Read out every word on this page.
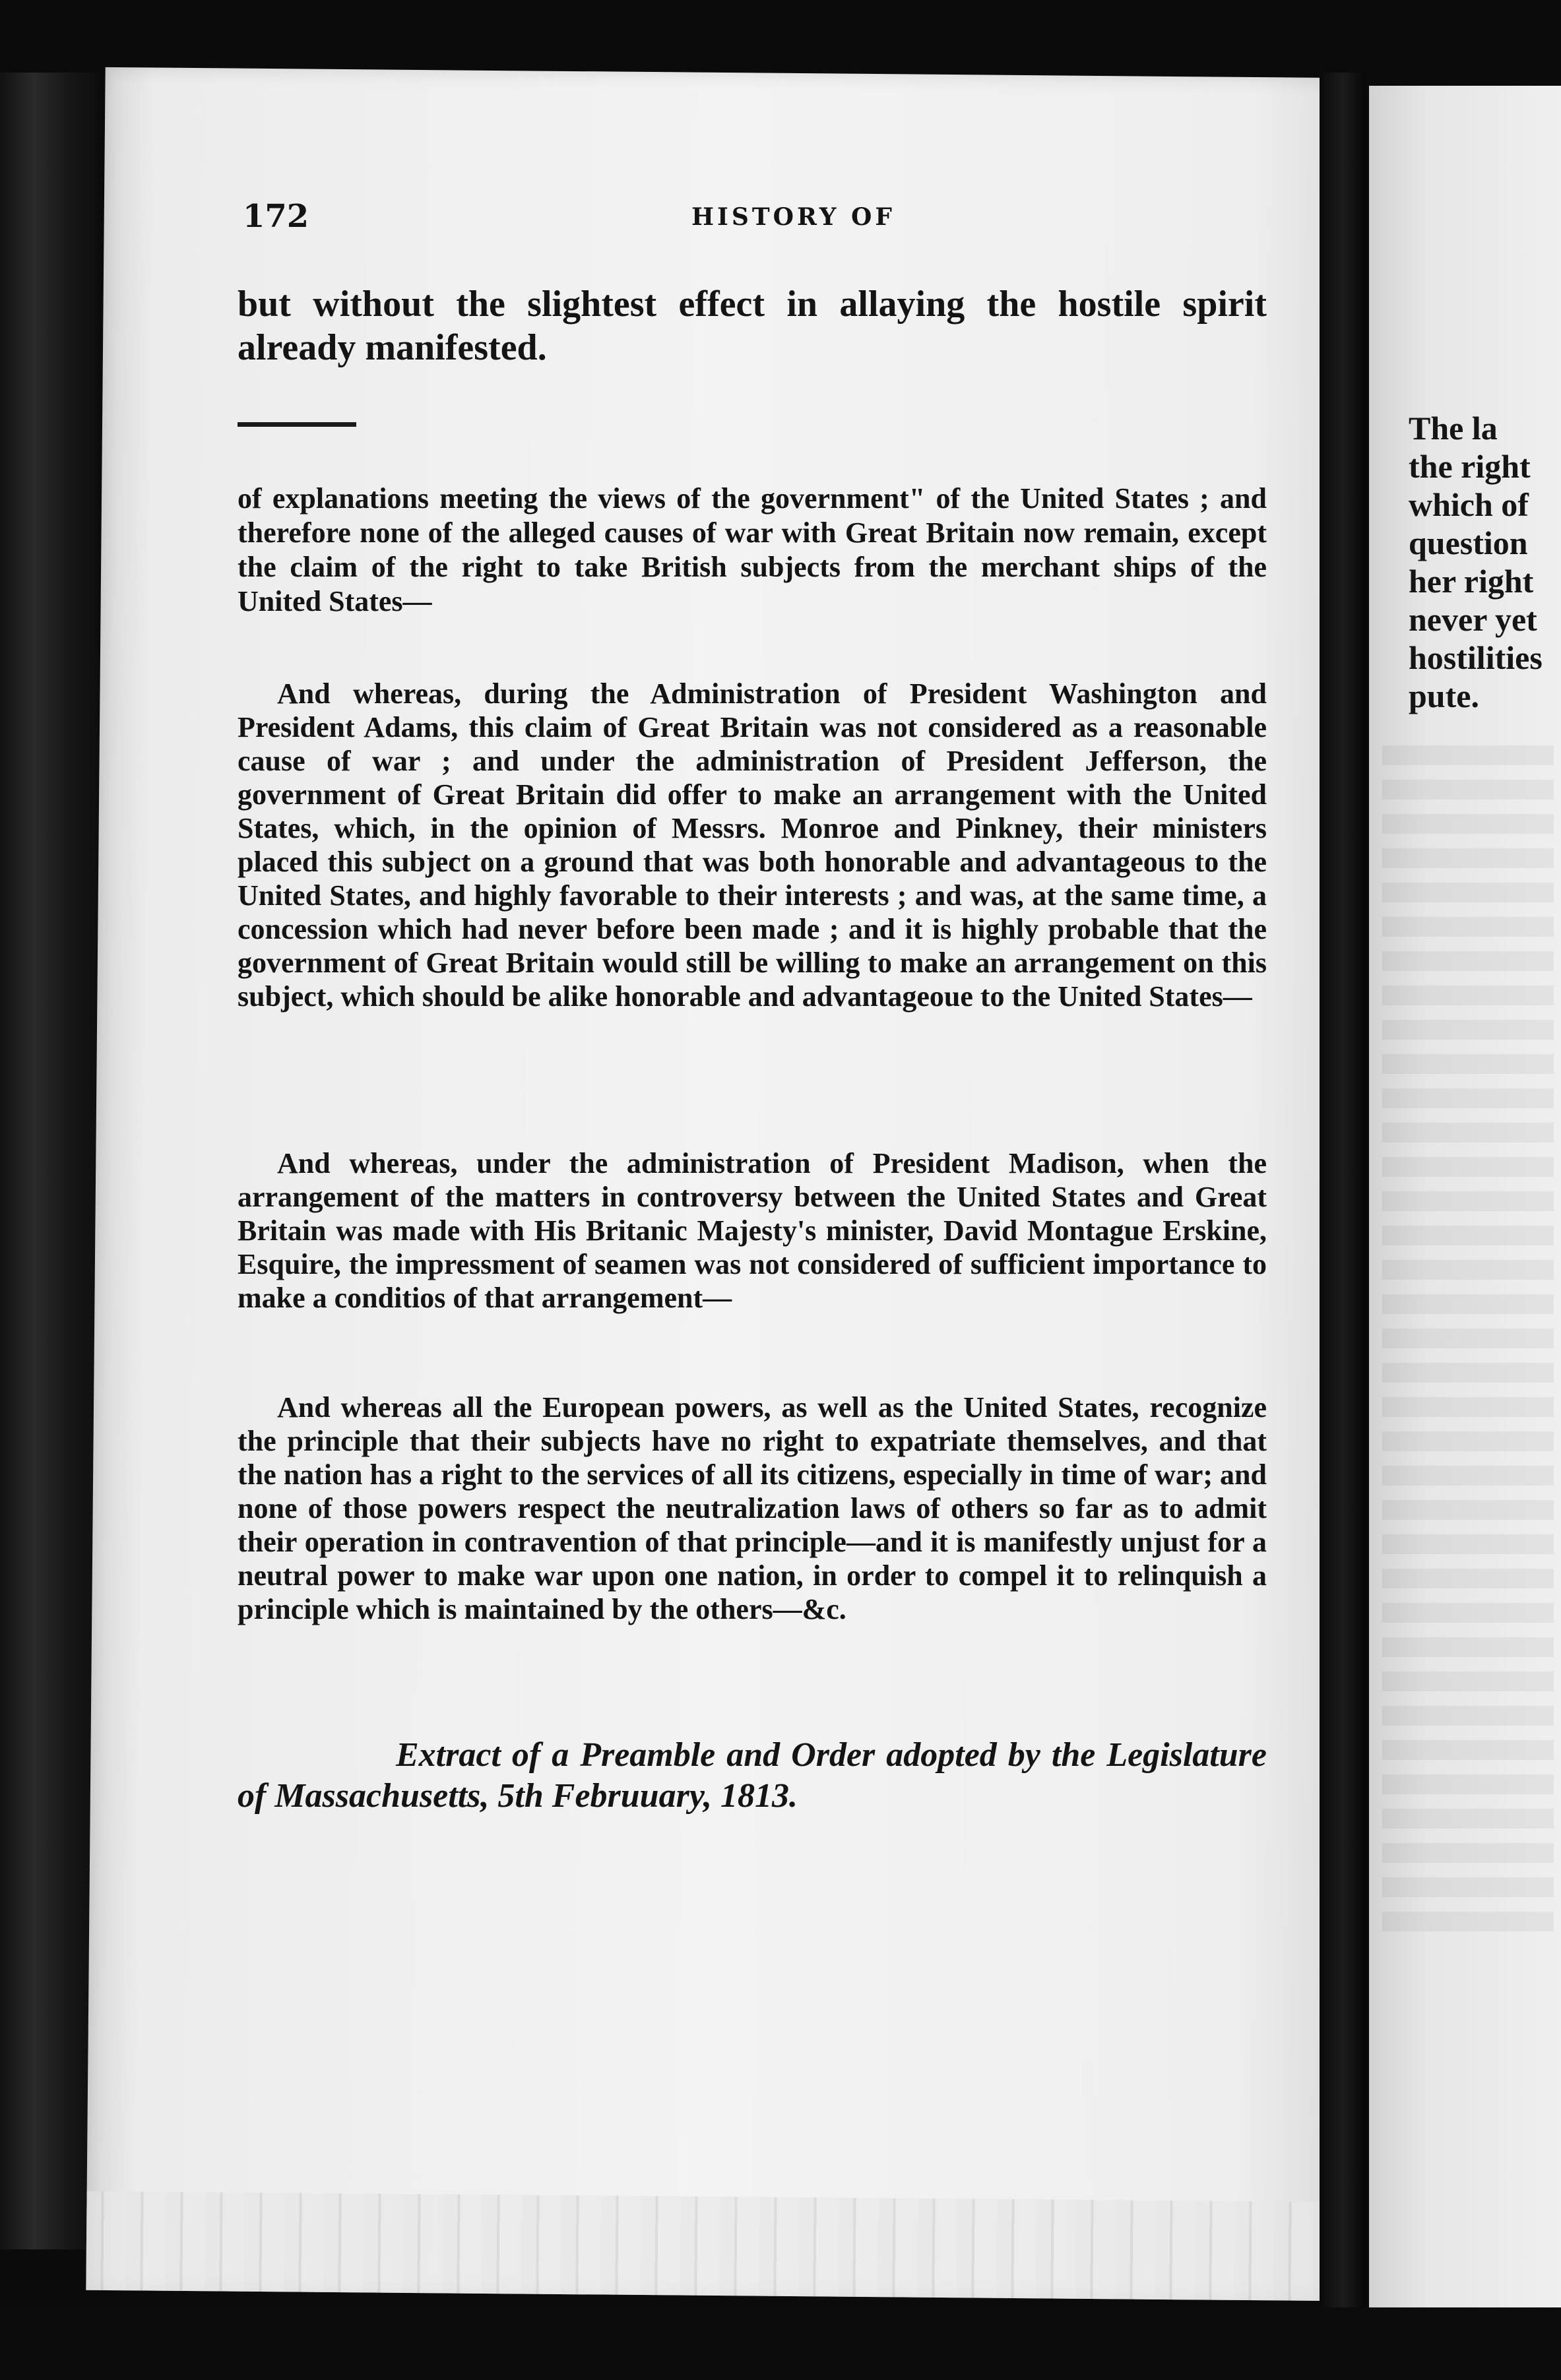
172	HISTORY OF

but without the slightest effect in allaying the hostile spirit already manifested.

of explanations meeting the views of the government" of the United States ; and therefore none of the alleged causes of war with Great Britain now remain, except the claim of the right to take British subjects from the merchant ships of the United States—

And whereas, during the Administration of President Washington and President Adams, this claim of Great Britain was not considered as a reasonable cause of war ; and under the administration of President Jefferson, the government of Great Britain did offer to make an arrangement with the United States, which, in the opinion of Messrs. Monroe and Pinkney, their ministers placed this subject on a ground that was both honorable and advantageous to the United States, and highly favorable to their interests ; and was, at the same time, a concession which had never before been made ; and it is highly probable that the government of Great Britain would still be willing to make an arrangement on this subject, which should be alike honorable and advantageoue to the United States—

And whereas, under the administration of President Madison, when the arrangement of the matters in controversy between the United States and Great Britain was made with His Britanic Majesty's minister, David Montague Erskine, Esquire, the impressment of seamen was not considered of sufficient importance to make a conditios of that arrangement—

And whereas all the European powers, as well as the United States, recognize the principle that their subjects have no right to expatriate themselves, and that the nation has a right to the services of all its citizens, especially in time of war; and none of those powers respect the neutralization laws of others so far as to admit their operation in contravention of that principle—and it is manifestly unjust for a neutral power to make war upon one nation, in order to compel it to relinquish a principle which is maintained by the others—&c.

Extract of a Preamble and Order adopted by the Legislature of Massachusetts, 5th Februuary, 1813.

The la
the right
which of
question
her right
never yet
hostilities
pute.
